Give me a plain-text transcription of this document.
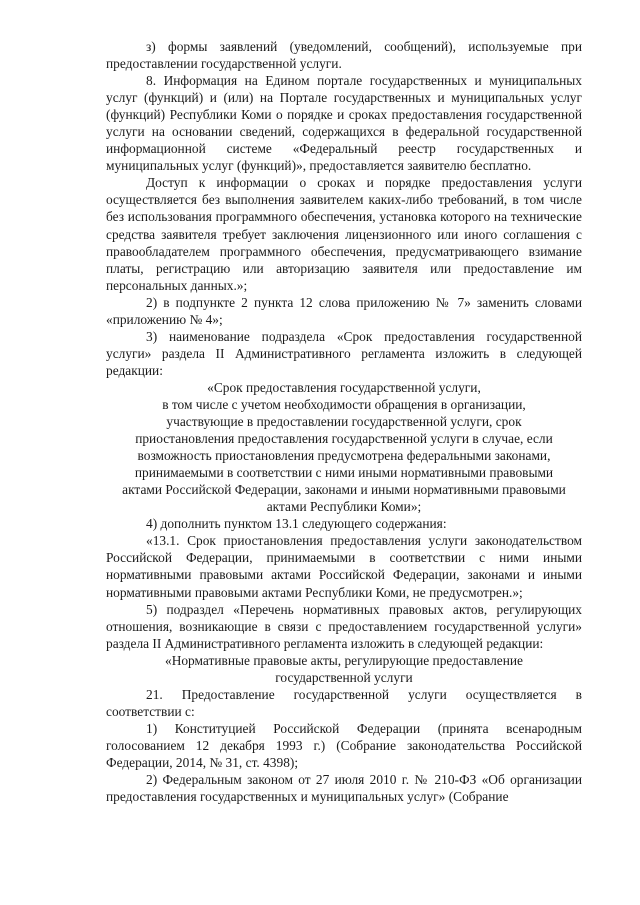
з) формы заявлений (уведомлений, сообщений), используемые при предоставлении государственной услуги.

8. Информация на Едином портале государственных и муниципальных услуг (функций) и (или) на Портале государственных и муниципальных услуг (функций) Республики Коми о порядке и сроках предоставления государственной услуги на основании сведений, содержащихся в федеральной государственной информационной системе «Федеральный реестр государственных и муниципальных услуг (функций)», предоставляется заявителю бесплатно.

Доступ к информации о сроках и порядке предоставления услуги осуществляется без выполнения заявителем каких-либо требований, в том числе без использования программного обеспечения, установка которого на технические средства заявителя требует заключения лицензионного или иного соглашения с правообладателем программного обеспечения, предусматривающего взимание платы, регистрацию или авторизацию заявителя или предоставление им персональных данных.»;

2) в подпункте 2 пункта 12 слова приложению № 7» заменить словами «приложению № 4»;

3) наименование подраздела «Срок предоставления государственной услуги» раздела II Административного регламента изложить в следующей редакции:

«Срок предоставления государственной услуги,

в том числе с учетом необходимости обращения в организации,

участвующие в предоставлении государственной услуги, срок

приостановления предоставления государственной услуги в случае, если

возможность приостановления предусмотрена федеральными законами,

принимаемыми в соответствии с ними иными нормативными правовыми

актами Российской Федерации, законами и иными нормативными правовыми

актами Республики Коми»;

4) дополнить пунктом 13.1 следующего содержания:

«13.1. Срок приостановления предоставления услуги законодательством Российской Федерации, принимаемыми в соответствии с ними иными нормативными правовыми актами Российской Федерации, законами и иными нормативными правовыми актами Республики Коми, не предусмотрен.»;

5) подраздел «Перечень нормативных правовых актов, регулирующих отношения, возникающие в связи с предоставлением государственной услуги» раздела II Административного регламента изложить в следующей редакции:

«Нормативные правовые акты, регулирующие предоставление

государственной услуги

21. Предоставление государственной услуги осуществляется в соответствии с:

1) Конституцией Российской Федерации (принята всенародным голосованием 12 декабря 1993 г.) (Собрание законодательства Российской Федерации, 2014, № 31, ст. 4398);

2) Федеральным законом от 27 июля 2010 г. № 210-ФЗ «Об организации предоставления государственных и муниципальных услуг» (Собрание
